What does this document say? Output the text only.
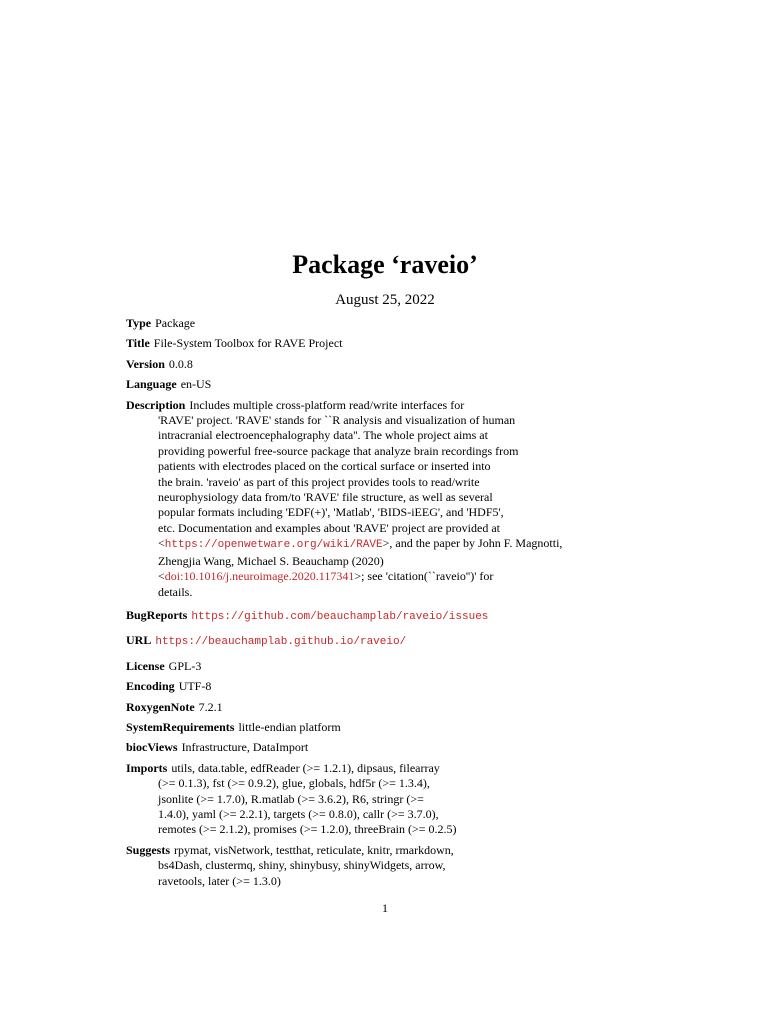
Package ‘raveio’
August 25, 2022
Type Package
Title File-System Toolbox for RAVE Project
Version 0.0.8
Language en-US
Description Includes multiple cross-platform read/write interfaces for
'RAVE' project. 'RAVE' stands for ``R analysis and visualization of human
intracranial electroencephalography data''. The whole project aims at
providing powerful free-source package that analyze brain recordings from
patients with electrodes placed on the cortical surface or inserted into
the brain. 'raveio' as part of this project provides tools to read/write
neurophysiology data from/to 'RAVE' file structure, as well as several
popular formats including 'EDF(+)', 'Matlab', 'BIDS-iEEG', and 'HDF5',
etc. Documentation and examples about 'RAVE' project are provided at
<https://openwetware.org/wiki/RAVE>, and the paper by John F. Magnotti,
Zhengjia Wang, Michael S. Beauchamp (2020)
<doi:10.1016/j.neuroimage.2020.117341>; see 'citation(``raveio'')' for
details.
BugReports https://github.com/beauchamplab/raveio/issues
URL https://beauchamplab.github.io/raveio/
License GPL-3
Encoding UTF-8
RoxygenNote 7.2.1
SystemRequirements little-endian platform
biocViews Infrastructure, DataImport
Imports utils, data.table, edfReader (>= 1.2.1), dipsaus, filearray
(>= 0.1.3), fst (>= 0.9.2), glue, globals, hdf5r (>= 1.3.4),
jsonlite (>= 1.7.0), R.matlab (>= 3.6.2), R6, stringr (>=
1.4.0), yaml (>= 2.2.1), targets (>= 0.8.0), callr (>= 3.7.0),
remotes (>= 2.1.2), promises (>= 1.2.0), threeBrain (>= 0.2.5)
Suggests rpymat, visNetwork, testthat, reticulate, knitr, rmarkdown,
bs4Dash, clustermq, shiny, shinybusy, shinyWidgets, arrow,
ravetools, later (>= 1.3.0)
1
